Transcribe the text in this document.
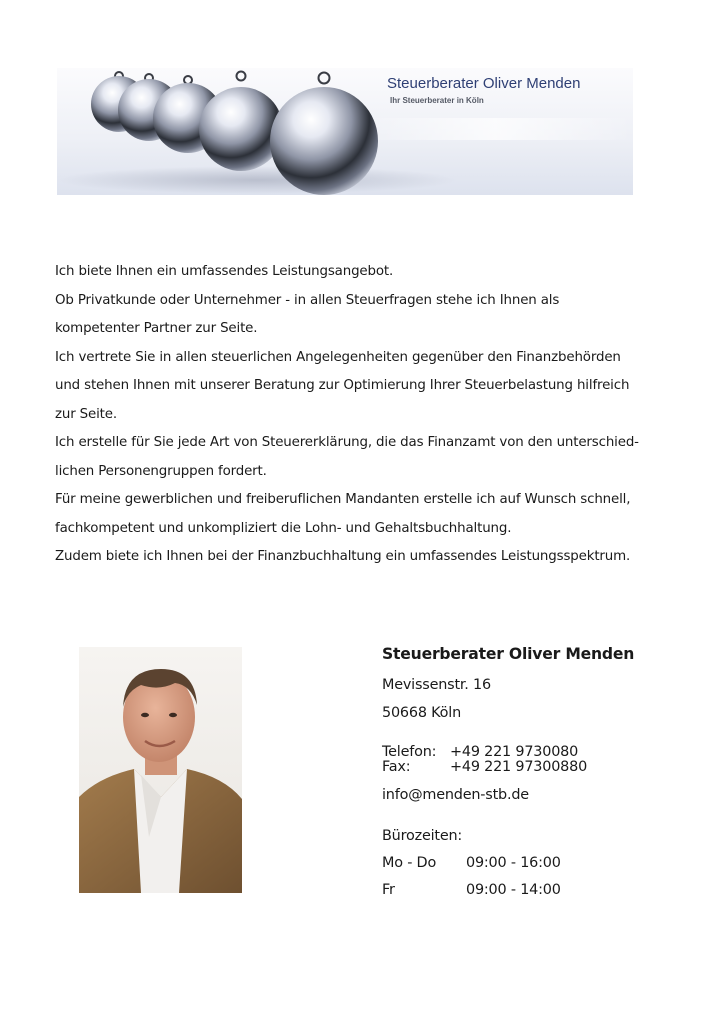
Steuerberater Oliver Menden
Ihr Steuerberater in Köln
Ich biete Ihnen ein umfassendes Leistungsangebot.
Ob Privatkunde oder Unternehmer - in allen Steuerfragen stehe ich Ihnen als
kompetenter Partner zur Seite.
Ich vertrete Sie in allen steuerlichen Angelegenheiten gegenüber den Finanzbehörden
und stehen Ihnen mit unserer Beratung zur Optimierung Ihrer Steuerbelastung hilfreich
zur Seite.
Ich erstelle für Sie jede Art von Steuererklärung, die das Finanzamt von den unterschied-
lichen Personengruppen fordert.
Für meine gewerblichen und freiberuflichen Mandanten erstelle ich auf Wunsch schnell,
fachkompetent und unkompliziert die Lohn- und Gehaltsbuchhaltung.
Zudem biete ich Ihnen bei der Finanzbuchhaltung ein umfassendes Leistungsspektrum.
Steuerberater Oliver Menden
Mevissenstr. 16
50668 Köln
Telefon: +49 221 9730080
Fax:	+49 221 97300880
info@menden-stb.de
Bürozeiten:
Mo - Do 09:00 - 16:00
Fr	09:00 - 14:00
